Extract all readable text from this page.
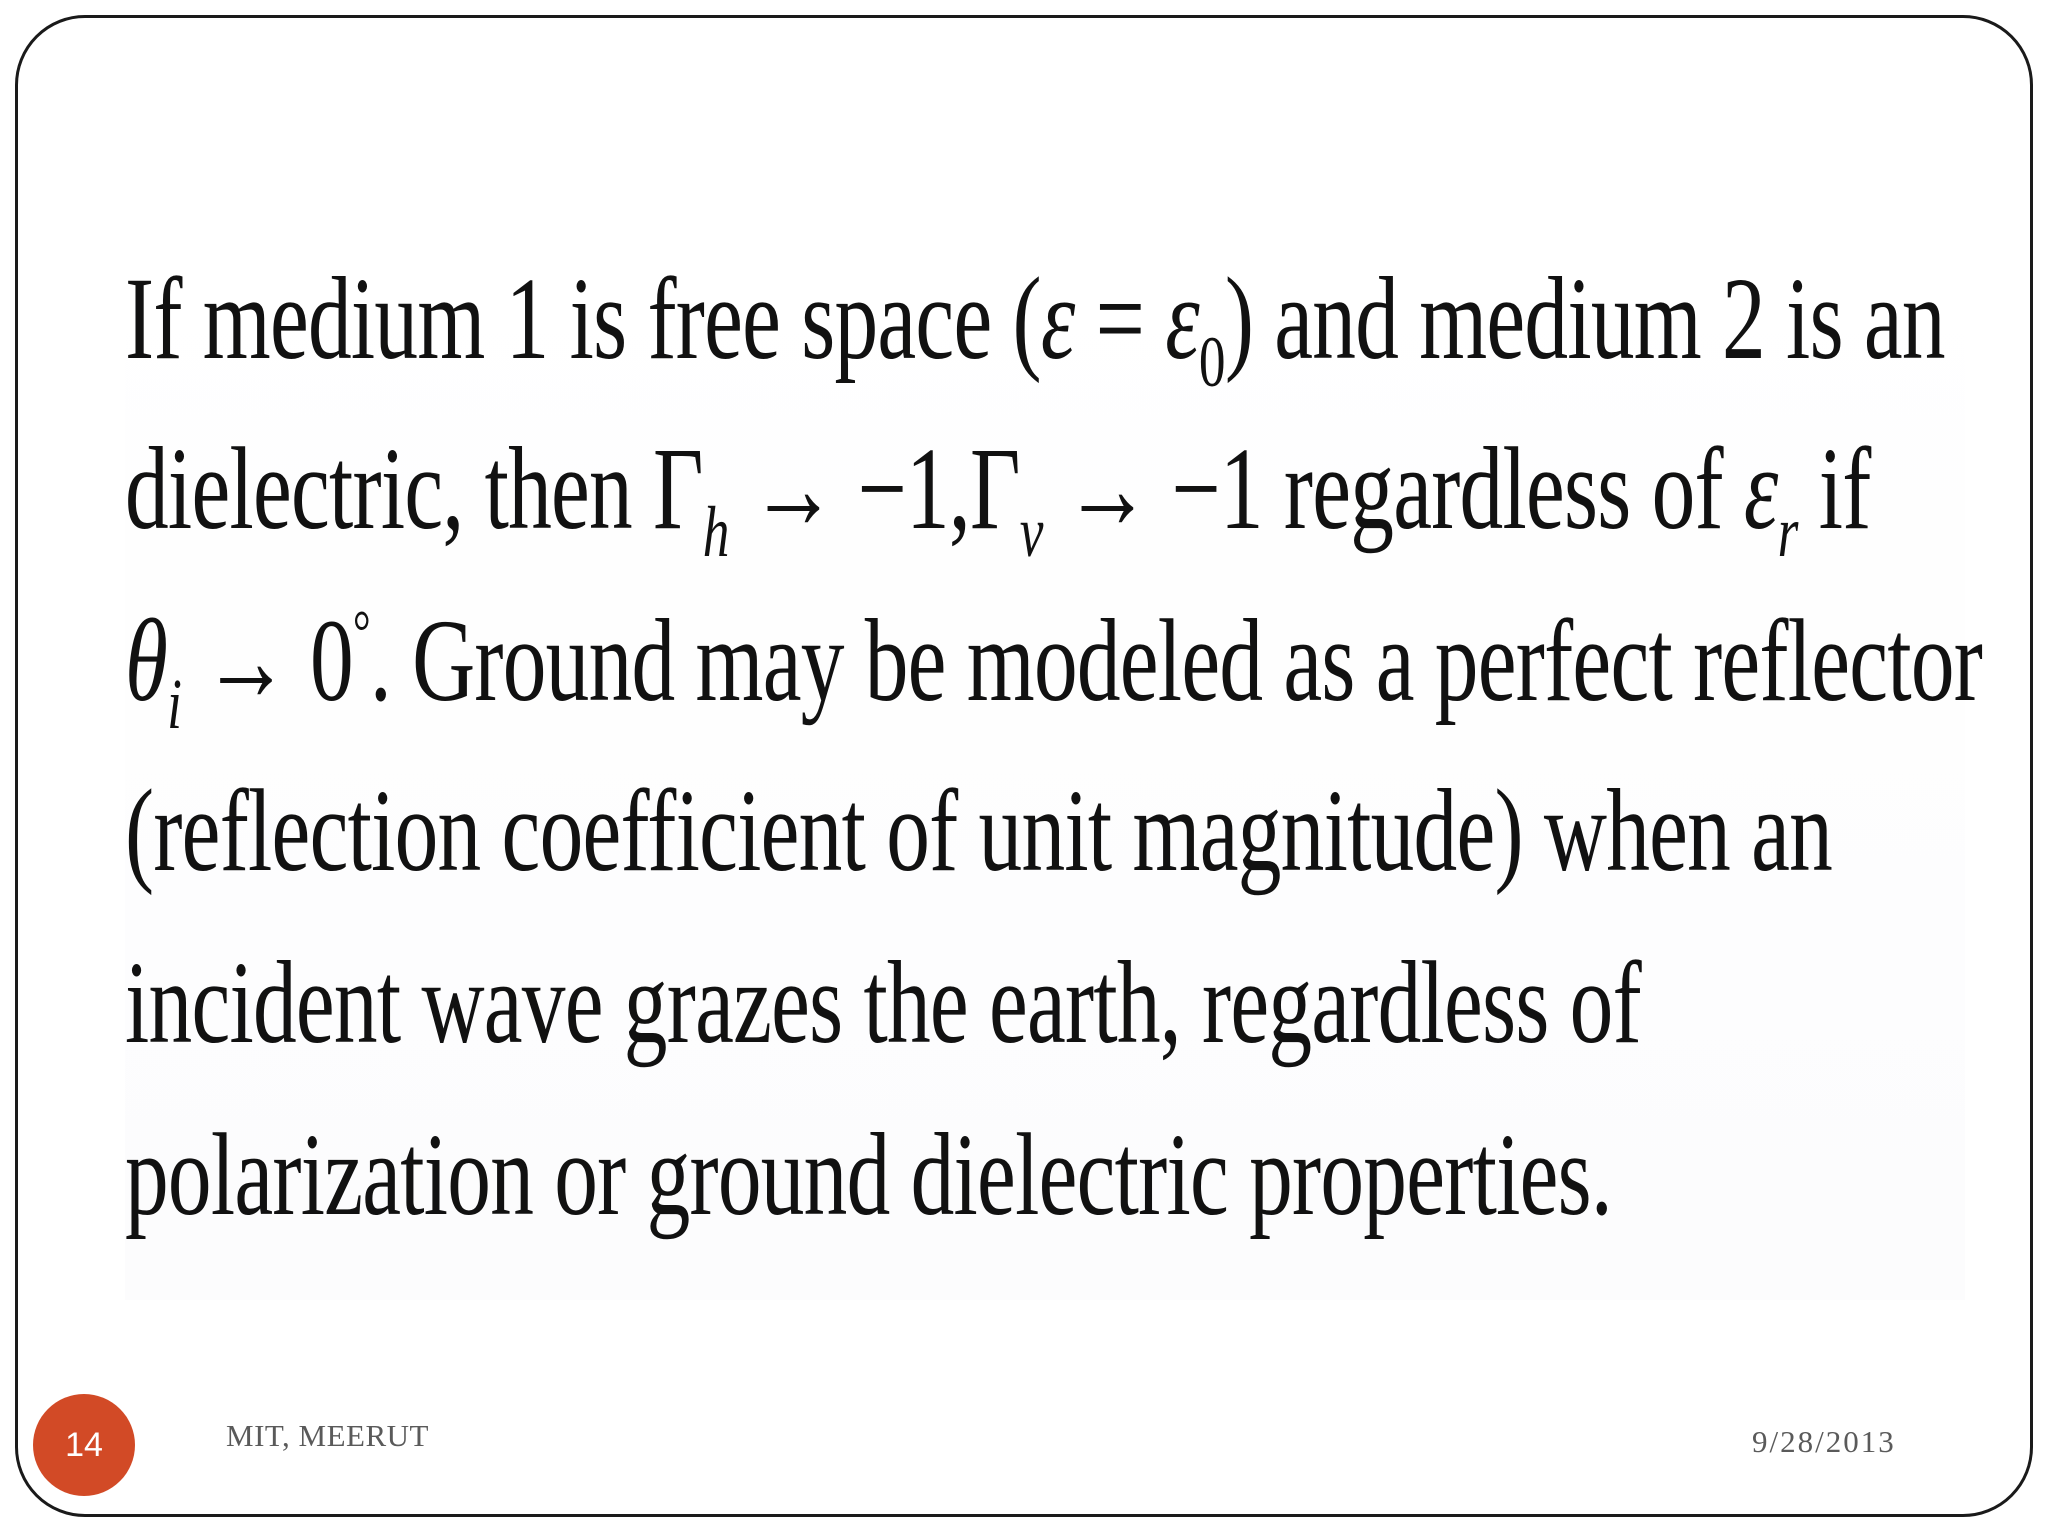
If medium 1 is free space $(\varepsilon = \varepsilon_0)$ and medium 2 is an
dielectric, then $\Gamma_h \to -1,\Gamma_v \to -1$ regardless of $\varepsilon_r$ if
$\theta_i \to 0^\circ$. Ground may be modeled as a perfect reflector
(reflection coefficient of unit magnitude) when an
incident wave grazes the earth, regardless of
polarization or ground dielectric properties.
14	MIT, MEERUT	9/28/2013
